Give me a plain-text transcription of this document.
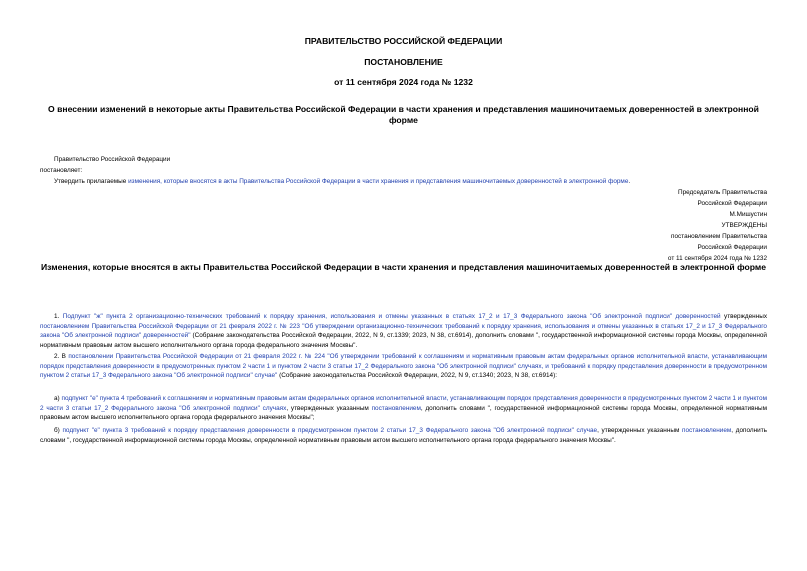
ПРАВИТЕЛЬСТВО РОССИЙСКОЙ ФЕДЕРАЦИИ
ПОСТАНОВЛЕНИЕ
от 11 сентября 2024 года № 1232
О внесении изменений в некоторые акты Правительства Российской Федерации в части хранения и представления машиночитаемых доверенностей в электронной форме
Правительство Российской Федерации
постановляет:
Утвердить прилагаемые изменения, которые вносятся в акты Правительства Российской Федерации в части хранения и представления машиночитаемых доверенностей в электронной форме.
Председатель Правительства
Российской Федерации
М.Мишустин
УТВЕРЖДЕНЫ
постановлением Правительства
Российской Федерации
от 11 сентября 2024 года № 1232
Изменения, которые вносятся в акты Правительства Российской Федерации в части хранения и представления машиночитаемых доверенностей в электронной форме
1. Подпункт "ж" пункта 2 организационно-технических требований к порядку хранения, использования и отмены указанных в статьях 17_2 и 17_3 Федерального закона "Об электронной подписи" доверенностей утвержденных постановлением Правительства Российской Федерации от 21 февраля 2022 г. № 223 "Об утверждении организационно-технических требований к порядку хранения, использования и отмены указанных в статьях 17_2 и 17_3 Федерального закона "Об электронной подписи" доверенностей" (Собрание законодательства Российской Федерации, 2022, N 9, ст.1339; 2023, N 38, ст.6914), дополнить словами ", государственной информационной системы города Москвы, определенной нормативным правовым актом высшего исполнительного органа города федерального значения Москвы".
2. В постановлении Правительства Российской Федерации от 21 февраля 2022 г. № 224 "Об утверждении требований к соглашениям и нормативным правовым актам федеральных органов исполнительной власти, устанавливающим порядок представления доверенности в предусмотренных пунктом 2 части 1 и пунктом 2 части 3 статьи 17_2 Федерального закона "Об электронной подписи" случаях, и требований к порядку представления доверенности в предусмотренном пунктом 2 статьи 17_3 Федерального закона "Об электронной подписи" случае" (Собрание законодательства Российской Федерации, 2022, N 9, ст.1340; 2023, N 38, ст.6914):
а) подпункт "е" пункта 4 требований к соглашениям и нормативным правовым актам федеральных органов исполнительной власти, устанавливающим порядок представления доверенности в предусмотренных пунктом 2 части 1 и пунктом 2 части 3 статьи 17_2 Федерального закона "Об электронной подписи" случаях, утвержденных указанным постановлением, дополнить словами ", государственной информационной системы города Москвы, определенной нормативным правовым актом высшего исполнительного органа города федерального значения Москвы";
б) подпункт "е" пункта 3 требований к порядку представления доверенности в предусмотренном пунктом 2 статьи 17_3 Федерального закона "Об электронной подписи" случае, утвержденных указанным постановлением, дополнить словами ", государственной информационной системы города Москвы, определенной нормативным правовым актом высшего исполнительного органа города федерального значения Москвы".
